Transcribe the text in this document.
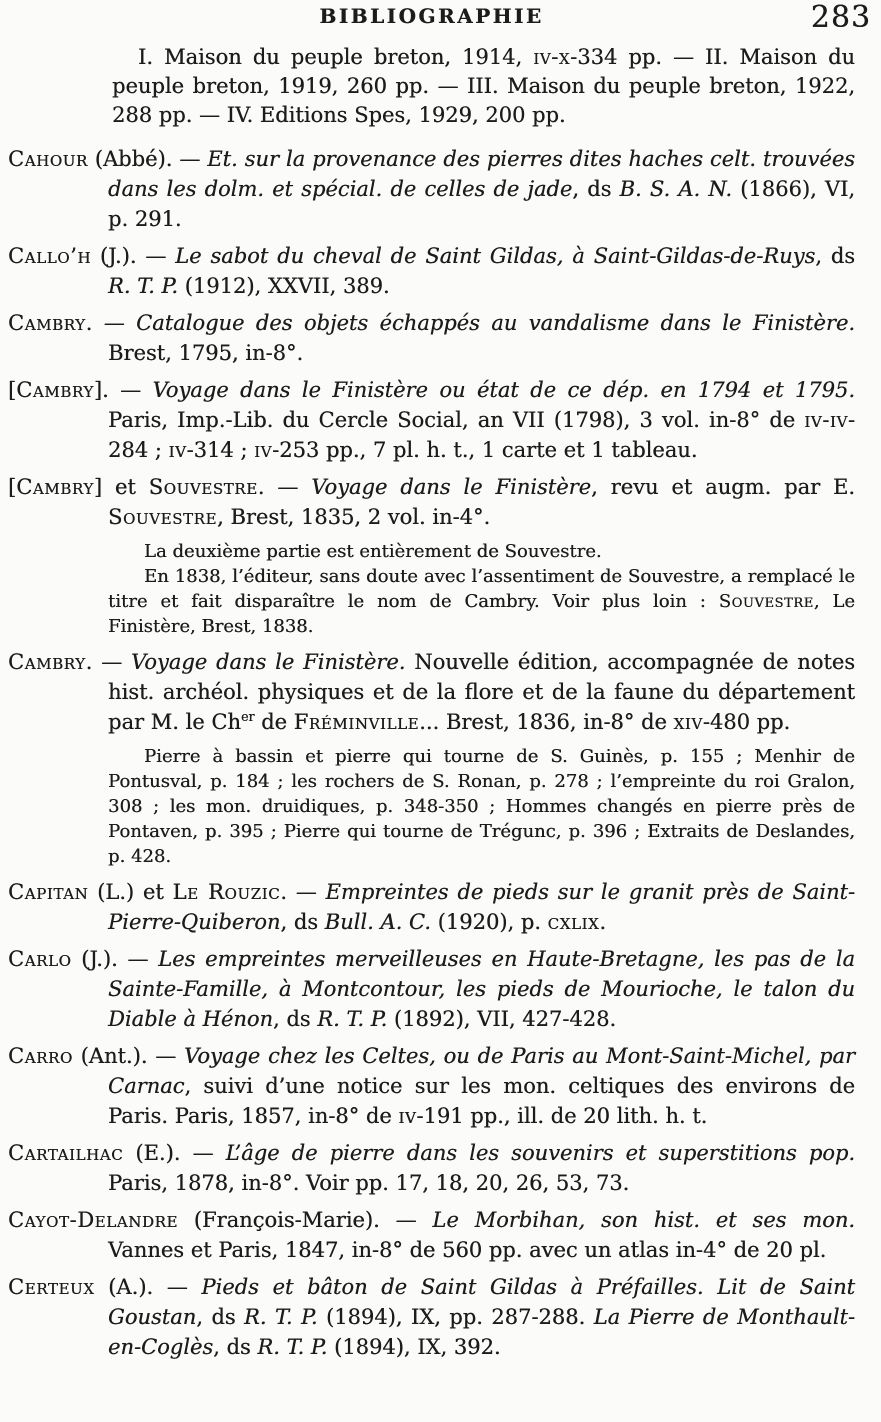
BIBLIOGRAPHIE	283

I. Maison du peuple breton, 1914, iv-x-334 pp. — II. Maison du peuple breton, 1919, 260 pp. — III. Maison du peuple breton, 1922, 288 pp. — IV. Editions Spes, 1929, 200 pp.

Cahour (Abbé). — Et. sur la provenance des pierres dites haches celt. trouvées dans les dolm. et spécial. de celles de jade, ds B. S. A. N. (1866), VI, p. 291.

Callo’h (J.). — Le sabot du cheval de Saint Gildas, à Saint-Gildas-de-Ruys, ds R. T. P. (1912), XXVII, 389.

Cambry. — Catalogue des objets échappés au vandalisme dans le Finistère. Brest, 1795, in-8°.

[Cambry]. — Voyage dans le Finistère ou état de ce dép. en 1794 et 1795. Paris, Imp.-Lib. du Cercle Social, an VII (1798), 3 vol. in-8° de iv-iv-284 ; iv-314 ; iv-253 pp., 7 pl. h. t., 1 carte et 1 tableau.

[Cambry] et Souvestre. — Voyage dans le Finistère, revu et augm. par E. Souvestre, Brest, 1835, 2 vol. in-4°.

La deuxième partie est entièrement de Souvestre.

En 1838, l’éditeur, sans doute avec l’assentiment de Souvestre, a remplacé le titre et fait disparaître le nom de Cambry. Voir plus loin : Souvestre, Le Finistère, Brest, 1838.

Cambry. — Voyage dans le Finistère. Nouvelle édition, accompagnée de notes hist. archéol. physiques et de la flore et de la faune du département par M. le $Ch^{er}$ de Fréminville... Brest, 1836, in-8° de xiv-480 pp.

Pierre à bassin et pierre qui tourne de S. Guinès, p. 155 ; Menhir de Pontusval, p. 184 ; les rochers de S. Ronan, p. 278 ; l’empreinte du roi Gralon, 308 ; les mon. druidiques, p. 348-350 ; Hommes changés en pierre près de Pontaven, p. 395 ; Pierre qui tourne de Trégunc, p. 396 ; Extraits de Deslandes, p. 428.

Capitan (L.) et Le Rouzic. — Empreintes de pieds sur le granit près de Saint-Pierre-Quiberon, ds Bull. A. C. (1920), p. cxlix.

Carlo (J.). — Les empreintes merveilleuses en Haute-Bretagne, les pas de la Sainte-Famille, à Montcontour, les pieds de Mourioche, le talon du Diable à Hénon, ds R. T. P. (1892), VII, 427-428.

Carro (Ant.). — Voyage chez les Celtes, ou de Paris au Mont-Saint-Michel, par Carnac, suivi d’une notice sur les mon. celtiques des environs de Paris. Paris, 1857, in-8° de iv-191 pp., ill. de 20 lith. h. t.

Cartailhac (E.). — L’âge de pierre dans les souvenirs et superstitions pop. Paris, 1878, in-8°. Voir pp. 17, 18, 20, 26, 53, 73.

Cayot-Delandre (François-Marie). — Le Morbihan, son hist. et ses mon. Vannes et Paris, 1847, in-8° de 560 pp. avec un atlas in-4° de 20 pl.

Certeux (A.). — Pieds et bâton de Saint Gildas à Préfailles. Lit de Saint Goustan, ds R. T. P. (1894), IX, pp. 287-288. La Pierre de Monthault-en-Coglès, ds R. T. P. (1894), IX, 392.
